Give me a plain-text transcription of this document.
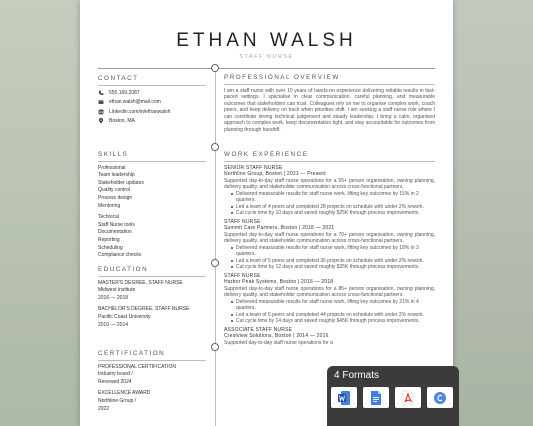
ETHAN WALSH
STAFF NURSE
CONTACT
555.169.2087
ethan.walsh@mail.com
Linkedin.com/in/ethanwalsh
Boston, MA
SKILLS
Professional
Team leadership
Stakeholder updates
Quality control
Process design
Mentoring
Technical
Staff Nurse tools
Documentation
Reporting
Scheduling
Compliance checks
EDUCATION
MASTER'S DEGREE, STAFF NURSE
Midwest Institute
2016 — 2018
BACHELOR'S DEGREE, STAFF NURSE
Pacific Coast University
2010 — 2014
CERTIFICATION
PROFESSIONAL CERTIFICATION
Industry board /
Renewed 2024
EXCELLENCE AWARD
Northline Group /
2022
PROFESSIONAL OVERVIEW
I am a staff nurse with over 10 years of hands-on experience delivering reliable results in fast-paced settings. I specialise in clear communication, careful planning, and measurable outcomes that stakeholders can trust. Colleagues rely on me to organise complex work, coach peers, and keep delivery on track when priorities shift. I am seeking a staff nurse role where I can contribute strong technical judgement and steady leadership. I bring a calm, organised approach to complex work, keep documentation tight, and stay accountable for outcomes from planning through handoff.
WORK EXPERIENCE
SENIOR STAFF NURSE
Northline Group, Boston | 2021 — Present
Supported day-to-day staff nurse operations for a 55+ person organisation, owning planning, delivery quality, and stakeholder communication across cross-functional partners.
Delivered measurable results for staff nurse work, lifting key outcomes by 15% in 2 quarters.
Led a team of 4 peers and completed 28 projects on schedule with under 2% rework.
Cut cycle time by 10 days and saved roughly $25K through process improvements.
STAFF NURSE
Summit Care Partners, Boston | 2018 — 2021
Supported day-to-day staff nurse operations for a 70+ person organisation, owning planning, delivery quality, and stakeholder communication across cross-functional partners.
Delivered measurable results for staff nurse work, lifting key outcomes by 18% in 3 quarters.
Led a team of 5 peers and completed 36 projects on schedule with under 2% rework.
Cut cycle time by 12 days and saved roughly $35K through process improvements.
STAFF NURSE
Harbor Peak Systems, Boston | 2016 — 2018
Supported day-to-day staff nurse operations for a 85+ person organisation, owning planning, delivery quality, and stakeholder communication across cross-functional partners.
Delivered measurable results for staff nurse work, lifting key outcomes by 21% in 4 quarters.
Led a team of 6 peers and completed 44 projects on schedule with under 2% rework.
Cut cycle time by 14 days and saved roughly $45K through process improvements.
ASSOCIATE STAFF NURSE
Crestview Solutions, Boston | 2014 — 2016
Supported day-to-day staff nurse operations for a
4 Formats
